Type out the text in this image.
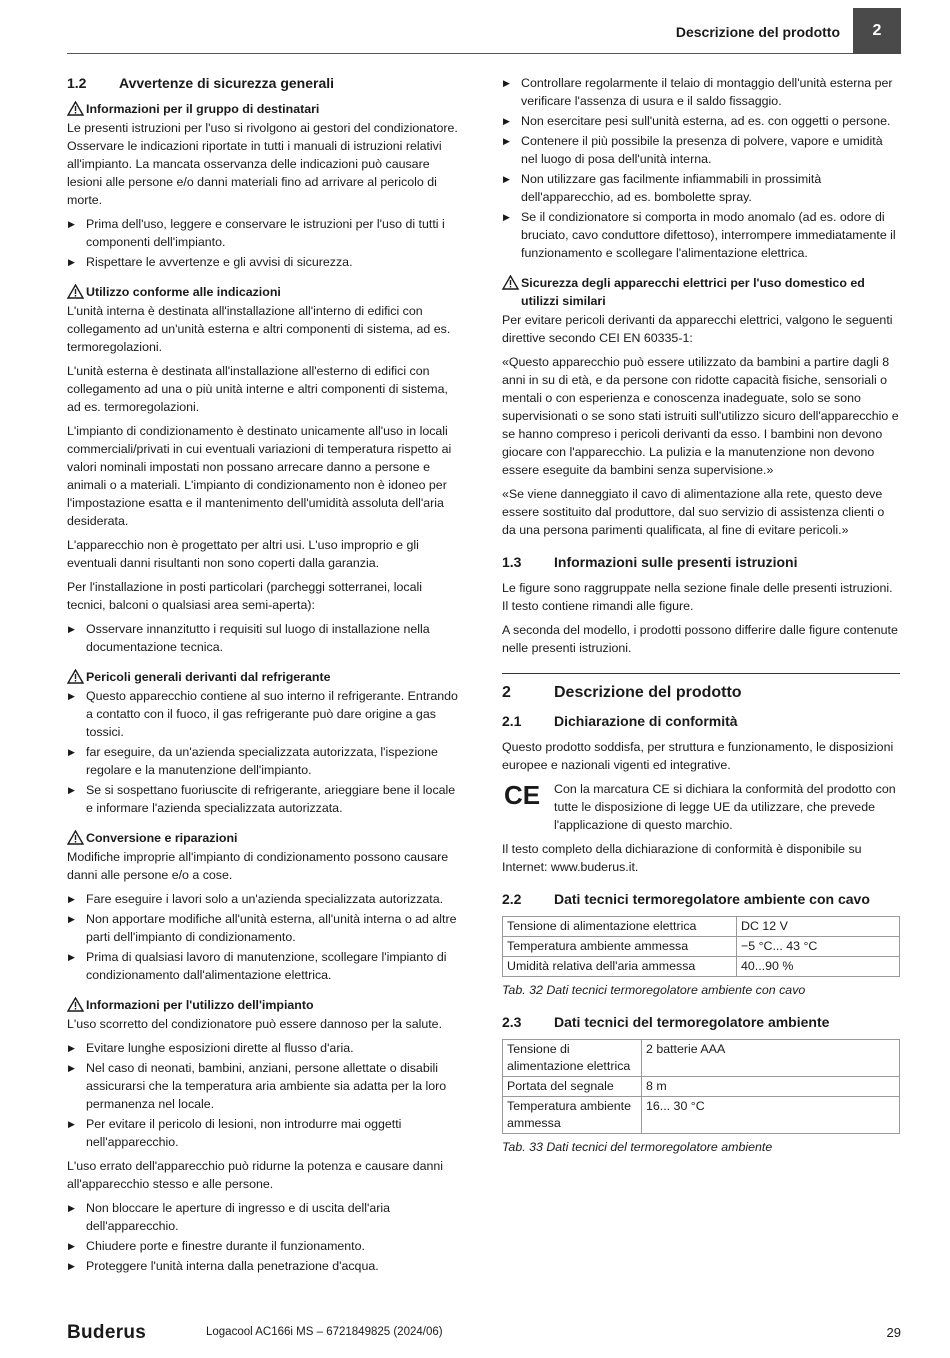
Descrizione del prodotto	2
1.2	Avvertenze di sicurezza generali
Informazioni per il gruppo di destinatari

Le presenti istruzioni per l'uso si rivolgono ai gestori del condizionatore. Osservare le indicazioni riportate in tutti i manuali di istruzioni relativi all'impianto. La mancata osservanza delle indicazioni può causare lesioni alle persone e/o danni materiali fino ad arrivare al pericolo di morte.

▶ Prima dell'uso, leggere e conservare le istruzioni per l'uso di tutti i componenti dell'impianto.
▶ Rispettare le avvertenze e gli avvisi di sicurezza.
Utilizzo conforme alle indicazioni

L'unità interna è destinata all'installazione all'interno di edifici con collegamento ad un'unità esterna e altri componenti di sistema, ad es. termoregolazioni.

L'unità esterna è destinata all'installazione all'esterno di edifici con collegamento ad una o più unità interne e altri componenti di sistema, ad es. termoregolazioni.

L'impianto di condizionamento è destinato unicamente all'uso in locali commerciali/privati in cui eventuali variazioni di temperatura rispetto ai valori nominali impostati non possano arrecare danno a persone e animali o a materiali. L'impianto di condizionamento non è idoneo per l'impostazione esatta e il mantenimento dell'umidità assoluta dell'aria desiderata.

L'apparecchio non è progettato per altri usi. L'uso improprio e gli eventuali danni risultanti non sono coperti dalla garanzia.

Per l'installazione in posti particolari (parcheggi sotterranei, locali tecnici, balconi o qualsiasi area semi-aperta):

▶ Osservare innanzitutto i requisiti sul luogo di installazione nella documentazione tecnica.
Pericoli generali derivanti dal refrigerante
▶ Questo apparecchio contiene al suo interno il refrigerante. Entrando a contatto con il fuoco, il gas refrigerante può dare origine a gas tossici.
▶ far eseguire, da un'azienda specializzata autorizzata, l'ispezione regolare e la manutenzione dell'impianto.
▶ Se si sospettano fuoriuscite di refrigerante, arieggiare bene il locale e informare l'azienda specializzata autorizzata.
Conversione e riparazioni

Modifiche improprie all'impianto di condizionamento possono causare danni alle persone e/o a cose.

▶ Fare eseguire i lavori solo a un'azienda specializzata autorizzata.
▶ Non apportare modifiche all'unità esterna, all'unità interna o ad altre parti dell'impianto di condizionamento.
▶ Prima di qualsiasi lavoro di manutenzione, scollegare l'impianto di condizionamento dall'alimentazione elettrica.
Informazioni per l'utilizzo dell'impianto

L'uso scorretto del condizionatore può essere dannoso per la salute.

▶ Evitare lunghe esposizioni dirette al flusso d'aria.
▶ Nel caso di neonati, bambini, anziani, persone allettate o disabili assicurarsi che la temperatura aria ambiente sia adatta per la loro permanenza nel locale.
▶ Per evitare il pericolo di lesioni, non introdurre mai oggetti nell'apparecchio.

L'uso errato dell'apparecchio può ridurne la potenza e causare danni all'apparecchio stesso e alle persone.

▶ Non bloccare le aperture di ingresso e di uscita dell'aria dell'apparecchio.
▶ Chiudere porte e finestre durante il funzionamento.
▶ Proteggere l'unità interna dalla penetrazione d'acqua.
▶ Controllare regolarmente il telaio di montaggio dell'unità esterna per verificare l'assenza di usura e il saldo fissaggio.
▶ Non esercitare pesi sull'unità esterna, ad es. con oggetti o persone.
▶ Contenere il più possibile la presenza di polvere, vapore e umidità nel luogo di posa dell'unità interna.
▶ Non utilizzare gas facilmente infiammabili in prossimità dell'apparecchio, ad es. bombolette spray.
▶ Se il condizionatore si comporta in modo anomalo (ad es. odore di bruciato, cavo conduttore difettoso), interrompere immediatamente il funzionamento e scollegare l'alimentazione elettrica.
Sicurezza degli apparecchi elettrici per l'uso domestico ed utilizzi similari

Per evitare pericoli derivanti da apparecchi elettrici, valgono le seguenti direttive secondo CEI EN 60335-1:

«Questo apparecchio può essere utilizzato da bambini a partire dagli 8 anni in su di età, e da persone con ridotte capacità fisiche, sensoriali o mentali o con esperienza e conoscenza inadeguate, solo se sono supervisionati o se sono stati istruiti sull'utilizzo sicuro dell'apparecchio e se hanno compreso i pericoli derivanti da esso. I bambini non devono giocare con l'apparecchio. La pulizia e la manutenzione non devono essere eseguite da bambini senza supervisione.»

«Se viene danneggiato il cavo di alimentazione alla rete, questo deve essere sostituito dal produttore, dal suo servizio di assistenza clienti o da una persona parimenti qualificata, al fine di evitare pericoli.»

1.3	Informazioni sulle presenti istruzioni

Le figure sono raggruppate nella sezione finale delle presenti istruzioni. Il testo contiene rimandi alle figure.

A seconda del modello, i prodotti possono differire dalle figure contenute nelle presenti istruzioni.

2	Descrizione del prodotto
2.1	Dichiarazione di conformità

Questo prodotto soddisfa, per struttura e funzionamento, le disposizioni europee e nazionali vigenti ed integrative.

CE	Con la marcatura CE si dichiara la conformità del prodotto con tutte le disposizione di legge UE da utilizzare, che prevede l'applicazione di questo marchio.

Il testo completo della dichiarazione di conformità è disponibile su Internet: www.buderus.it.

2.2	Dati tecnici termoregolatore ambiente con cavo
Tensione di alimentazione elettrica	DC 12 V
Temperatura ambiente ammessa	−5 °C... 43 °C
Umidità relativa dell'aria ammessa	40...90 %
Tab. 32 Dati tecnici termoregolatore ambiente con cavo
2.3	Dati tecnici del termoregolatore ambiente
Tensione di alimentazione elettrica	2 batterie AAA
Portata del segnale	8 m
Temperatura ambiente ammessa	16... 30 °C
Tab. 33 Dati tecnici del termoregolatore ambiente
Buderus	Logacool AC166i MS – 6721849825 (2024/06)	29
